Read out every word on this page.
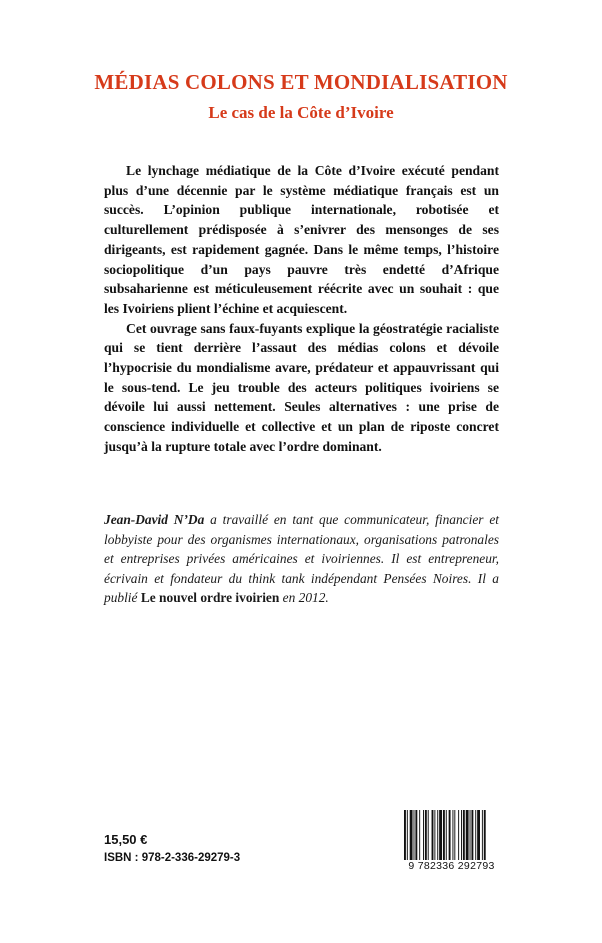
MÉDIAS COLONS ET MONDIALISATION
Le cas de la Côte d’Ivoire

Le lynchage médiatique de la Côte d’Ivoire exécuté pendant plus d’une décennie par le système médiatique français est un succès. L’opinion publique internationale, robotisée et culturellement prédisposée à s’enivrer des mensonges de ses dirigeants, est rapidement gagnée. Dans le même temps, l’histoire sociopolitique d’un pays pauvre très endetté d’Afrique subsaharienne est méticuleusement réécrite avec un souhait : que les Ivoiriens plient l’échine et acquiescent.

Cet ouvrage sans faux-fuyants explique la géostratégie racialiste qui se tient derrière l’assaut des médias colons et dévoile l’hypocrisie du mondialisme avare, prédateur et appauvrissant qui le sous-tend. Le jeu trouble des acteurs politiques ivoiriens se dévoile lui aussi nettement. Seules alternatives : une prise de conscience individuelle et collective et un plan de riposte concret jusqu’à la rupture totale avec l’ordre dominant.

Jean-David N’Da a travaillé en tant que communicateur, financier et lobbyiste pour des organismes internationaux, organisations patronales et entreprises privées américaines et ivoiriennes. Il est entrepreneur, écrivain et fondateur du think tank indépendant Pensées Noires. Il a publié Le nouvel ordre ivoirien en 2012.
15,50 €
ISBN : 978-2-336-29279-3
9 782336 292793
